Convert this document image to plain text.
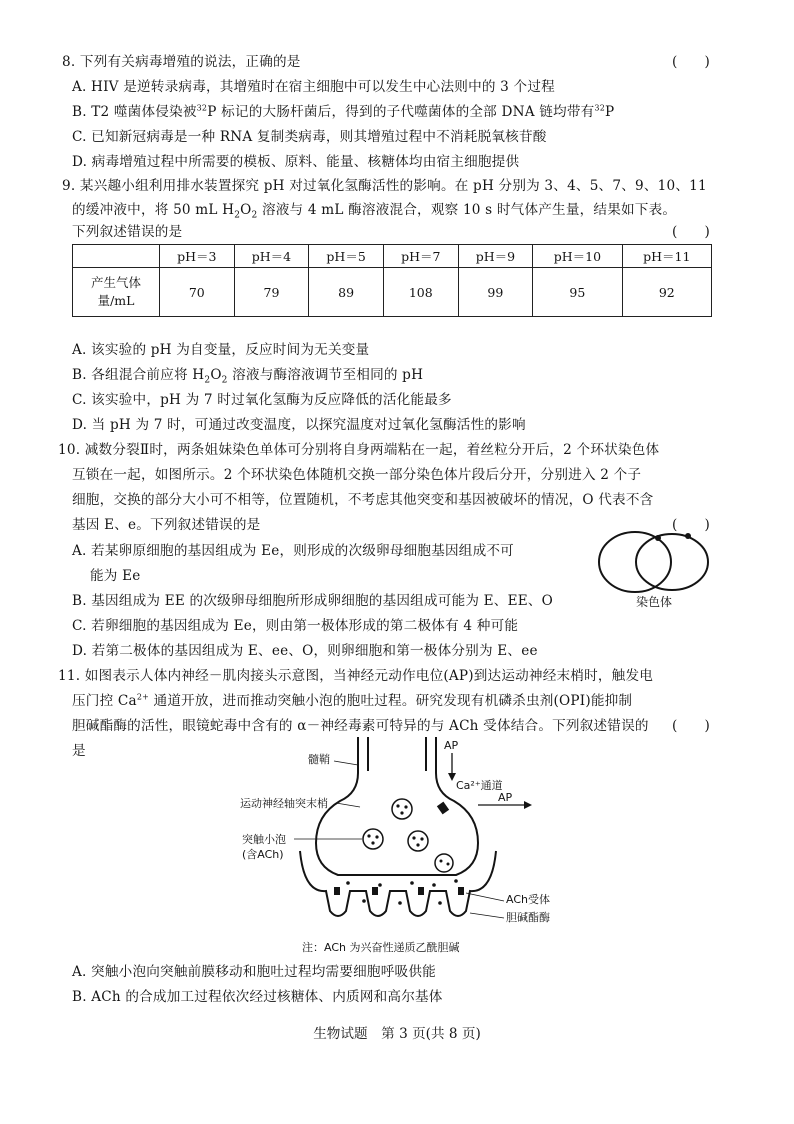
8. 下列有关病毒增殖的说法，正确的是	(　　)
A. HIV 是逆转录病毒，其增殖时在宿主细胞中可以发生中心法则中的 3 个过程
B. T2 噬菌体侵染被$^{32}$P 标记的大肠杆菌后，得到的子代噬菌体的全部 DNA 链均带有$^{32}$P
C. 已知新冠病毒是一种 RNA 复制类病毒，则其增殖过程中不消耗脱氧核苷酸
D. 病毒增殖过程中所需要的模板、原料、能量、核糖体均由宿主细胞提供
9. 某兴趣小组利用排水装置探究 pH 对过氧化氢酶活性的影响。在 pH 分别为 3、4、5、7、9、10、11
的缓冲液中，将 50 mL $H_2O_2$ 溶液与 4 mL 酶溶液混合，观察 10 s 时气体产生量，结果如下表。
下列叙述错误的是	(　　)
	pH＝3	pH＝4	pH＝5	pH＝7	pH＝9	pH＝10	pH＝11
产生气体量/mL	70	79	89	108	99	95	92
A. 该实验的 pH 为自变量，反应时间为无关变量
B. 各组混合前应将 $H_2O_2$ 溶液与酶溶液调节至相同的 pH
C. 该实验中，pH 为 7 时过氧化氢酶为反应降低的活化能最多
D. 当 pH 为 7 时，可通过改变温度，以探究温度对过氧化氢酶活性的影响
10. 减数分裂Ⅱ时，两条姐妹染色单体可分别将自身两端粘在一起，着丝粒分开后，2 个环状染色体
互锁在一起，如图所示。2 个环状染色体随机交换一部分染色体片段后分开，分别进入 2 个子
细胞，交换的部分大小可不相等，位置随机，不考虑其他突变和基因被破坏的情况，O 代表不含
基因 E、e。下列叙述错误的是	(　　)
A. 若某卵原细胞的基因组成为 Ee，则形成的次级卵母细胞基因组成不可
能为 Ee
B. 基因组成为 EE 的次级卵母细胞所形成卵细胞的基因组成可能为 E、EE、O
C. 若卵细胞的基因组成为 Ee，则由第一极体形成的第二极体有 4 种可能
D. 若第二极体的基因组成为 E、ee、O，则卵细胞和第一极体分别为 E、ee
染色体
11. 如图表示人体内神经－肌肉接头示意图，当神经元动作电位(AP)到达运动神经末梢时，触发电
压门控 $Ca^{2+}$ 通道开放，进而推动突触小泡的胞吐过程。研究发现有机磷杀虫剂(OPI)能抑制
胆碱酯酶的活性，眼镜蛇毒中含有的 α－神经毒素可特异的与 ACh 受体结合。下列叙述错误的
是
(　　)
AP
AP
髓鞘
Ca²⁺通道
运动神经轴突末梢
突触小泡
(含ACh)
ACh受体
胆碱酯酶
注：ACh 为兴奋性递质乙酰胆碱
A. 突触小泡向突触前膜移动和胞吐过程均需要细胞呼吸供能
B. ACh 的合成加工过程依次经过核糖体、内质网和高尔基体
生物试题　第 3 页(共 8 页)
